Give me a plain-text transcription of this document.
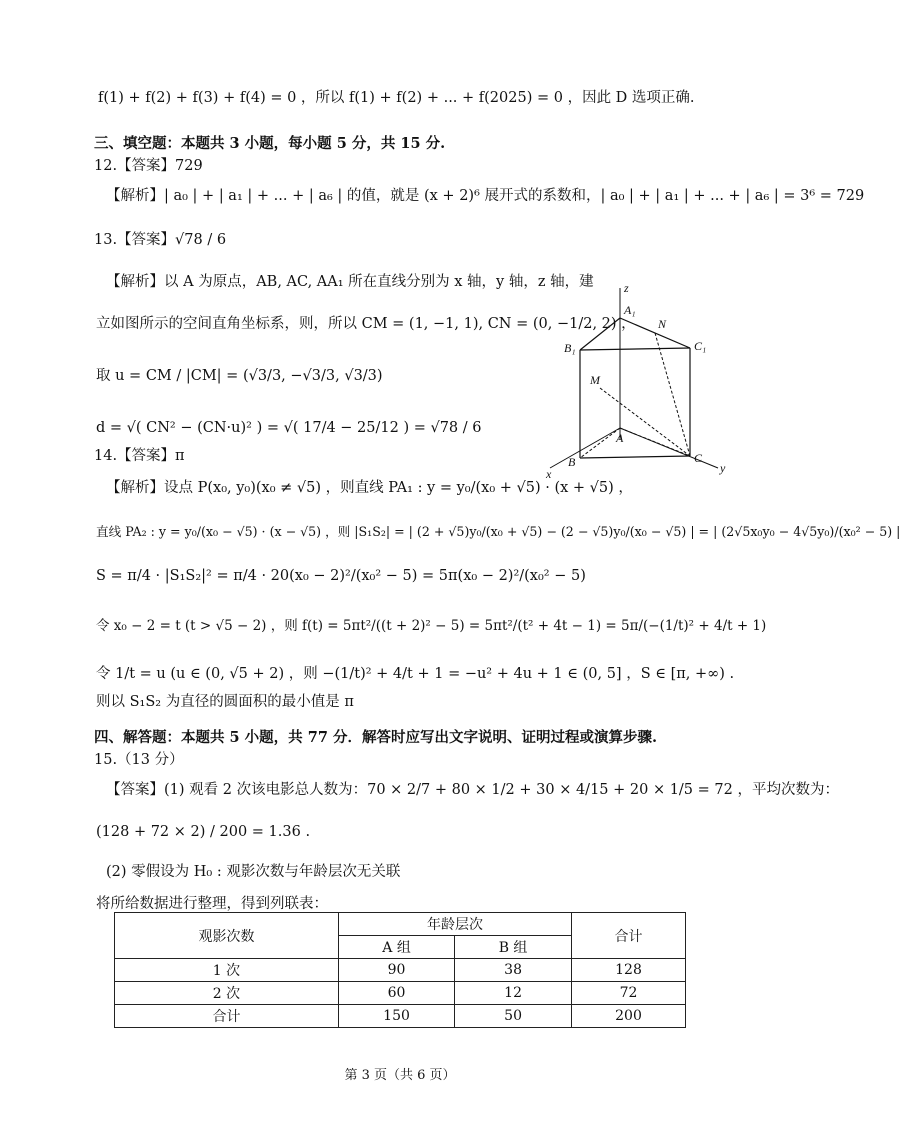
f(1) + f(2) + f(3) + f(4) = 0 ，所以 f(1) + f(2) + ... + f(2025) = 0 ，因此 D 选项正确.
三、填空题：本题共 3 小题，每小题 5 分，共 15 分.
12.【答案】729
【解析】| a₀ | + | a₁ | + ... + | a₆ | 的值，就是 (x + 2)⁶ 展开式的系数和，| a₀ | + | a₁ | + ... + | a₆ | = 3⁶ = 729
13.【答案】√78 / 6
【解析】以 A 为原点，AB, AC, AA₁ 所在直线分别为 x 轴，y 轴，z 轴，建
立如图所示的空间直角坐标系，则，所以 CM = (1, −1, 1), CN = (0, −1/2, 2) ，
取 u = CM / |CM| = (√3/3, −√3/3, √3/3)
d = √( CN² − (CN·u)² ) = √( 17/4 − 25/12 ) = √78 / 6
z
A₁
N
B₁	C₁
M
A
B	C
x	y
14.【答案】π
【解析】设点 P(x₀, y₀)(x₀ ≠ √5) ，则直线 PA₁ : y = y₀/(x₀ + √5) · (x + √5) ，
直线 PA₂ : y = y₀/(x₀ − √5) · (x − √5) ，则 |S₁S₂| = | (2 + √5)y₀/(x₀ + √5) − (2 − √5)y₀/(x₀ − √5) | = | (2√5x₀y₀ − 4√5y₀)/(x₀² − 5) |
S = π/4 · |S₁S₂|² = π/4 · 20(x₀ − 2)²/(x₀² − 5) = 5π(x₀ − 2)²/(x₀² − 5)
令 x₀ − 2 = t (t > √5 − 2) ，则 f(t) = 5πt²/((t + 2)² − 5) = 5πt²/(t² + 4t − 1) = 5π/(−(1/t)² + 4/t + 1)
令 1/t = u (u ∈ (0, √5 + 2) ，则 −(1/t)² + 4/t + 1 = −u² + 4u + 1 ∈ (0, 5] ，S ∈ [π, +∞) .
则以 S₁S₂ 为直径的圆面积的最小值是 π
四、解答题：本题共 5 小题，共 77 分．解答时应写出文字说明、证明过程或演算步骤.
15.（13 分）
【答案】(1) 观看 2 次该电影总人数为：70 × 2/7 + 80 × 1/2 + 30 × 4/15 + 20 × 1/5 = 72 ，平均次数为：
(128 + 72 × 2) / 200 = 1.36 .
(2) 零假设为 H₀ : 观影次数与年龄层次无关联
将所给数据进行整理，得到列联表：
观影次数	年龄层次		合计
	A 组	B 组	
1 次	90	38	128
2 次	60	12	72
合计	150	50	200
第 3 页（共 6 页）
